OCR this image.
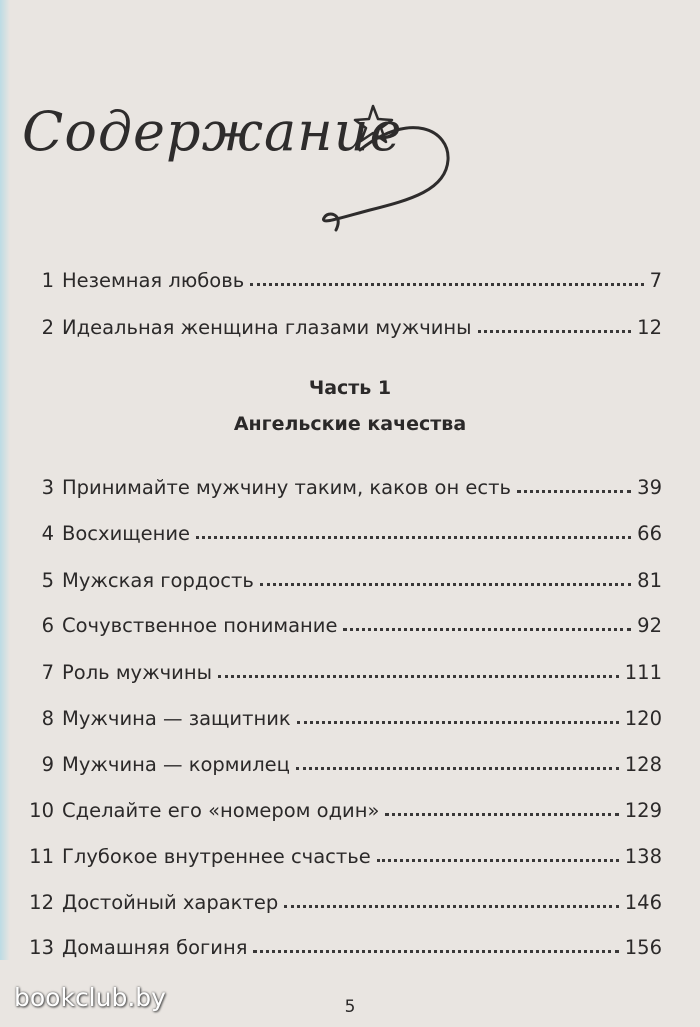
Содержание
1 Неземная любовь	7
2 Идеальная женщина глазами мужчины	12
Часть 1
Ангельские качества
3 Принимайте мужчину таким, каков он есть	39
4 Восхищение	66
5 Мужская гордость	81
6 Сочувственное понимание	92
7 Роль мужчины	111
8 Мужчина — защитник	120
9 Мужчина — кормилец	128
10 Сделайте его «номером один»	129
11 Глубокое внутреннее счастье	138
12 Достойный характер	146
13 Домашняя богиня	156
bookclub.by	5
